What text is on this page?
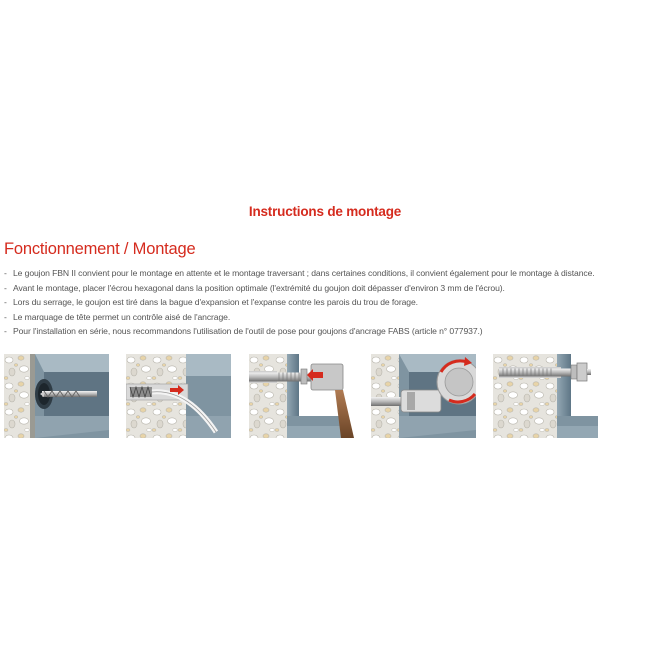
Instructions de montage
Fonctionnement / Montage
- Le goujon FBN II convient pour le montage en attente et le montage traversant ; dans certaines conditions, il convient également pour le montage à distance.
- Avant le montage, placer l'écrou hexagonal dans la position optimale (l'extrémité du goujon doit dépasser d'environ 3 mm de l'écrou).
- Lors du serrage, le goujon est tiré dans la bague d'expansion et l'expanse contre les parois du trou de forage.
- Le marquage de tête permet un contrôle aisé de l'ancrage.
- Pour l'installation en série, nous recommandons l'utilisation de l'outil de pose pour goujons d'ancrage FABS (article n° 077937.)
